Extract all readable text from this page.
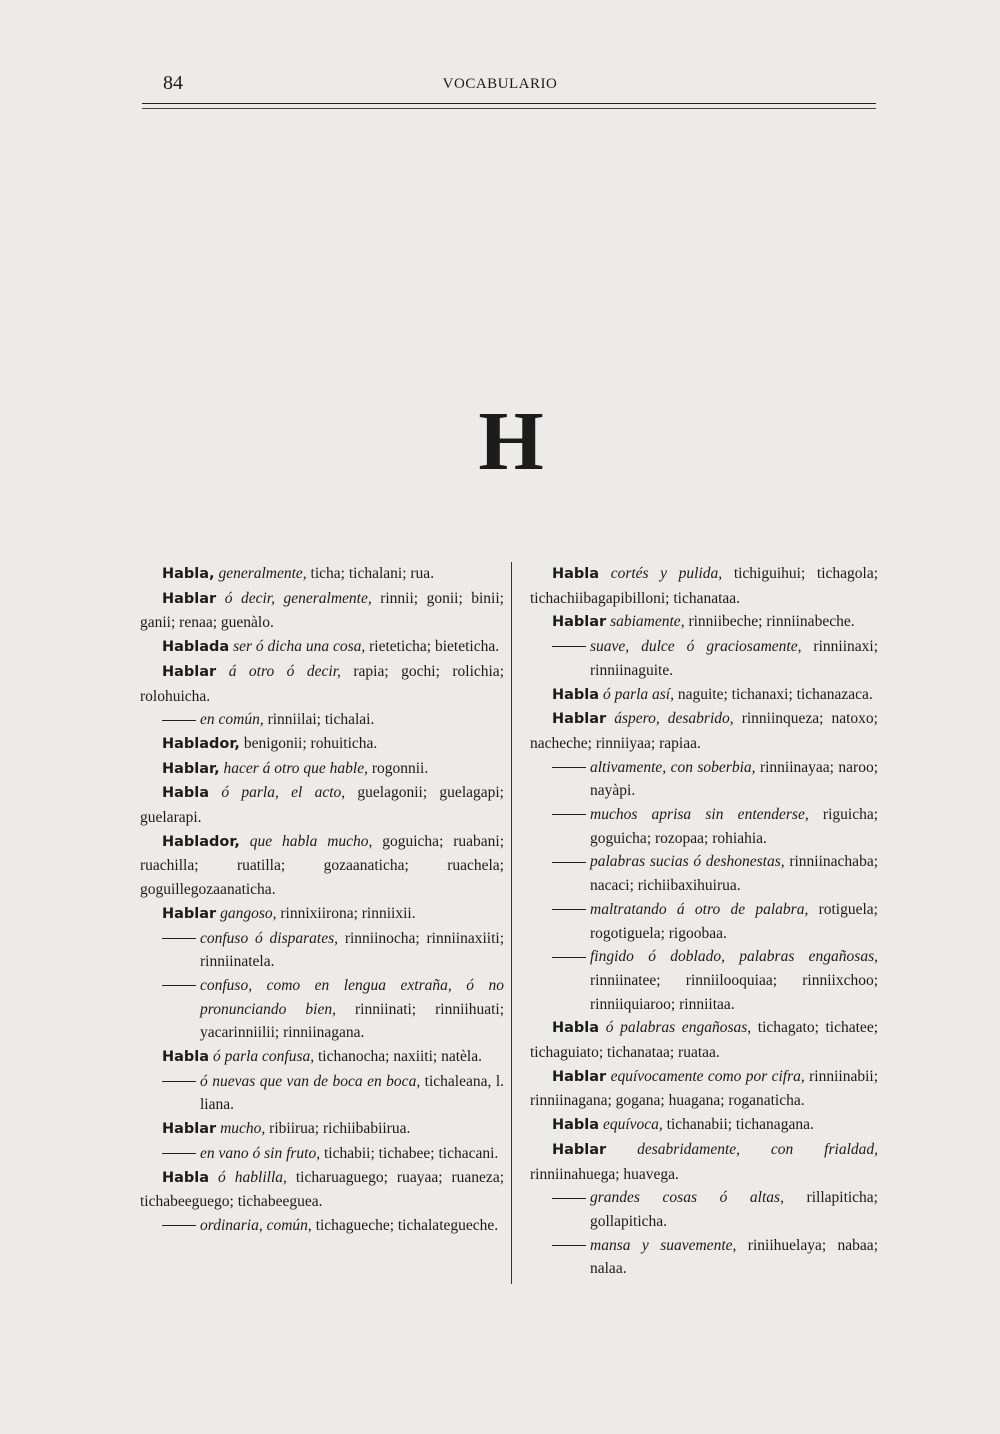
84	VOCABULARIO
H
Habla, generalmente, ticha; tichalani; rua.
Hablar ó decir, generalmente, rinnii; gonii; binii; ganii; renaa; guenàlo.
Hablada ser ó dicha una cosa, rieteticha; bieteticha.
Hablar á otro ó decir, rapia; gochi; rolichia; rolohuicha.
en común, rinniilai; tichalai.
Hablador, benigonii; rohuiticha.
Hablar, hacer á otro que hable, rogonnii.
Habla ó parla, el acto, guelagonii; guelagapi; guelarapi.
Hablador, que habla mucho, goguicha; ruabani; ruachilla; ruatilla; gozaanaticha; ruachela; goguillegozaanaticha.
Hablar gangoso, rinnixiirona; rinniixii.
confuso ó disparates, rinniinocha; rinniinaxiiti; rinniinatela.
confuso, como en lengua extraña, ó no pronunciando bien, rinniinati; rinniihuati; yacarinniilii; rinniinagana.
Habla ó parla confusa, tichanocha; naxiiti; natèla.
ó nuevas que van de boca en boca, tichaleana, l. liana.
Hablar mucho, ribiirua; richiibabiirua.
en vano ó sin fruto, tichabii; tichabee; tichacani.
Habla ó hablilla, ticharuaguego; ruayaa; ruaneza; tichabeeguego; tichabeeguea.
ordinaria, común, tichagueche; tichalategueche.
Habla cortés y pulida, tichiguihui; tichagola; tichachiibagapibilloni; tichanataa.
Hablar sabiamente, rinniibeche; rinniinabeche.
suave, dulce ó graciosamente, rinniinaxi; rinniinaguite.
Habla ó parla así, naguite; tichanaxi; tichanazaca.
Hablar áspero, desabrido, rinniinqueza; natoxo; nacheche; rinniiyaa; rapiaa.
altivamente, con soberbia, rinniinayaa; naroo; nayàpi.
muchos aprisa sin entenderse, riguicha; goguicha; rozopaa; rohiahia.
palabras sucias ó deshonestas, rinniinachaba; nacaci; richiibaxihuirua.
maltratando á otro de palabra, rotiguela; rogotiguela; rigoobaa.
fingido ó doblado, palabras engañosas, rinniinatee; rinniilooquiaa; rinniixchoo; rinniiquiaroo; rinniitaa.
Habla ó palabras engañosas, tichagato; tichatee; tichaguiato; tichanataa; ruataa.
Hablar equívocamente como por cifra, rinniinabii; rinniinagana; gogana; huagana; roganaticha.
Habla equívoca, tichanabii; tichanagana.
Hablar desabridamente, con frialdad, rinniinahuega; huavega.
grandes cosas ó altas, rillapiticha; gollapiticha.
mansa y suavemente, riniihuelaya; nabaa; nalaa.
